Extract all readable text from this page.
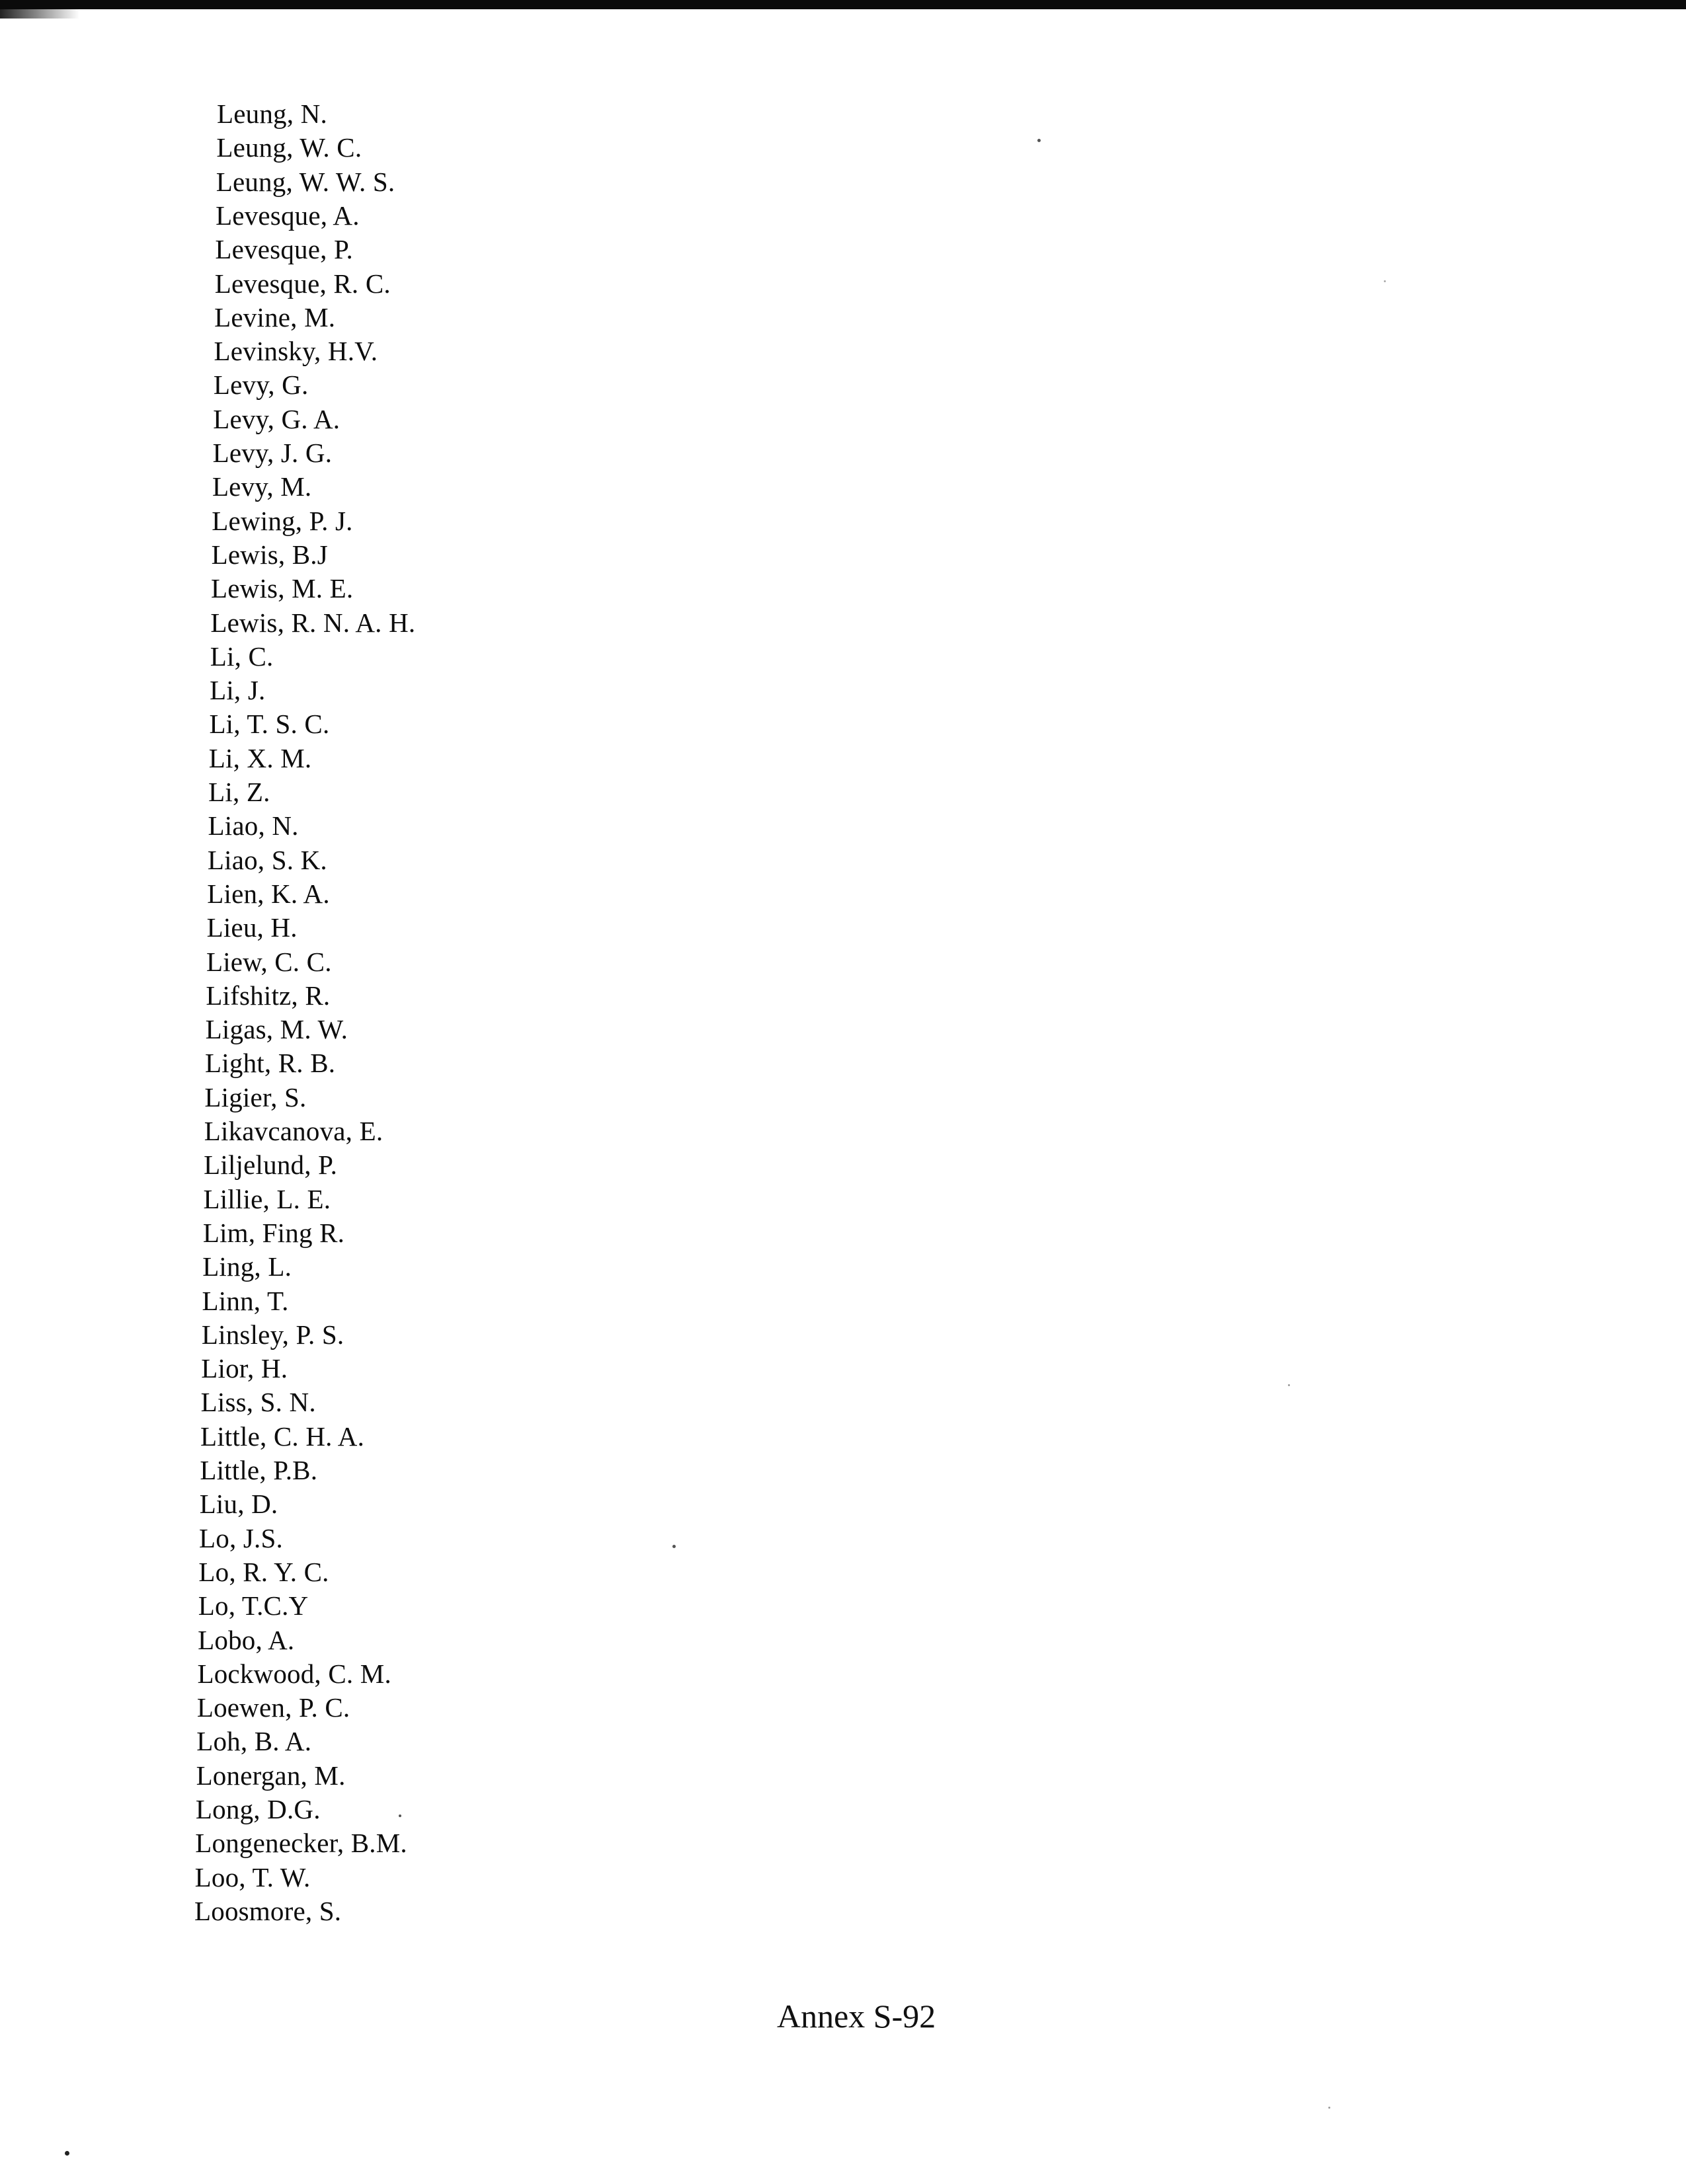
Leung, N.
Leung, W. C.
Leung, W. W. S.
Levesque, A.
Levesque, P.
Levesque, R. C.
Levine, M.
Levinsky, H.V.
Levy, G.
Levy, G. A.
Levy, J. G.
Levy, M.
Lewing, P. J.
Lewis, B.J
Lewis, M. E.
Lewis, R. N. A. H.
Li, C.
Li, J.
Li, T. S. C.
Li, X. M.
Li, Z.
Liao, N.
Liao, S. K.
Lien, K. A.
Lieu, H.
Liew, C. C.
Lifshitz, R.
Ligas, M. W.
Light, R. B.
Ligier, S.
Likavcanova, E.
Liljelund, P.
Lillie, L. E.
Lim, Fing R.
Ling, L.
Linn, T.
Linsley, P. S.
Lior, H.
Liss, S. N.
Little, C. H. A.
Little, P.B.
Liu, D.
Lo, J.S.
Lo, R. Y. C.
Lo, T.C.Y
Lobo, A.
Lockwood, C. M.
Loewen, P. C.
Loh, B. A.
Lonergan, M.
Long, D.G.
Longenecker, B.M.
Loo, T. W.
Loosmore, S.
Annex S-92
